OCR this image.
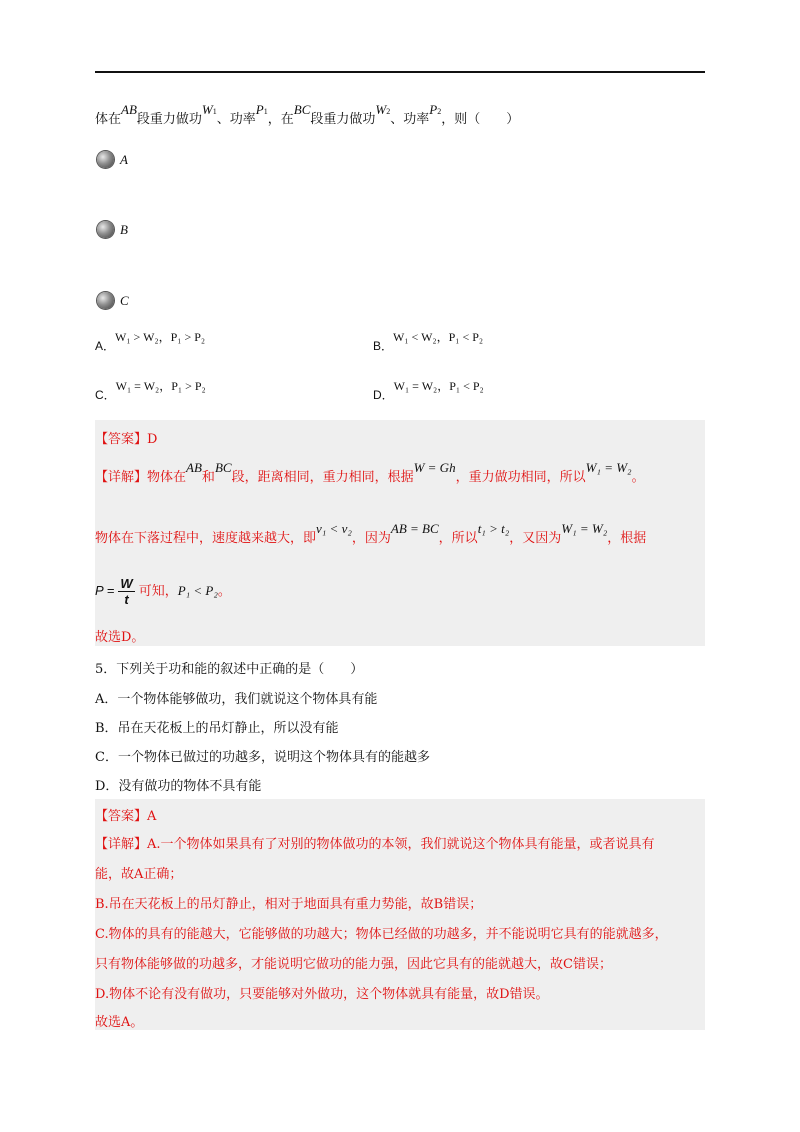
体在AB段重力做功W1、功率P1，在BC段重力做功W2、功率P2，则（　　）
A
B
C
A．W₁ > W₂，P₁ > P₂
B．W₁ < W₂，P₁ < P₂
C．W₁ = W₂，P₁ > P₂
D．W₁ = W₂，P₁ < P₂
【答案】D
【详解】物体在AB和BC段，距离相同，重力相同，根据W = Gh，重力做功相同，所以W₁ = W₂。
物体在下落过程中，速度越来越大，即v₁ < v₂，因为AB = BC，所以t₁ > t₂，又因为W₁ = W₂，根据
$P = \frac{W}{t}$ 可知，P₁ < P₂。
故选D。
5．下列关于功和能的叙述中正确的是（　　）
A．一个物体能够做功，我们就说这个物体具有能
B．吊在天花板上的吊灯静止，所以没有能
C．一个物体已做过的功越多，说明这个物体具有的能越多
D．没有做功的物体不具有能
【答案】A
【详解】A.一个物体如果具有了对别的物体做功的本领，我们就说这个物体具有能量，或者说具有
能，故A正确；
B.吊在天花板上的吊灯静止，相对于地面具有重力势能，故B错误；
C.物体的具有的能越大，它能够做的功越大；物体已经做的功越多，并不能说明它具有的能就越多，
只有物体能够做的功越多，才能说明它做功的能力强，因此它具有的能就越大，故C错误；
D.物体不论有没有做功，只要能够对外做功，这个物体就具有能量，故D错误。
故选A。
